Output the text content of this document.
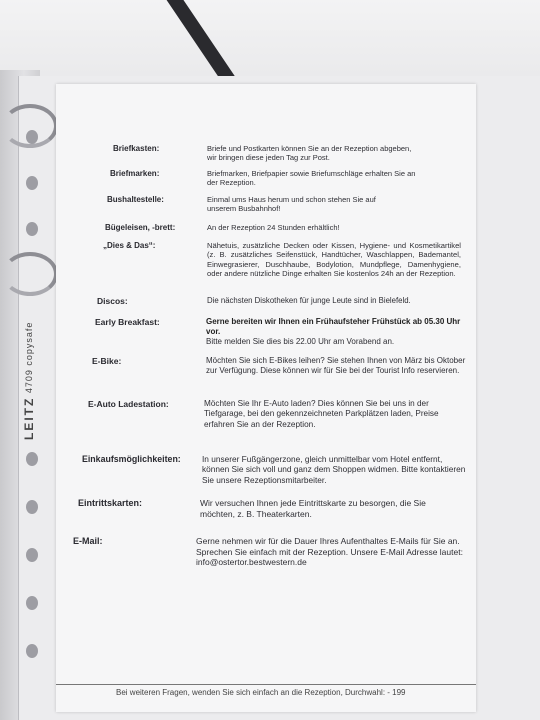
LEITZ 4709 copysafe
Briefkasten:	Briefe und Postkarten können Sie an der Rezeption abgeben, wir bringen diese jeden Tag zur Post.
Briefmarken:	Briefmarken, Briefpapier sowie Briefumschläge erhalten Sie an der Rezeption.
Bushaltestelle:	Einmal ums Haus herum und schon stehen Sie auf unserem Busbahnhof!
Bügeleisen, -brett:	An der Rezeption 24 Stunden erhältlich!
„Dies & Das“:	Nähetuis, zusätzliche Decken oder Kissen, Hygiene- und Kosmetikartikel (z. B. zusätzliches Seifenstück, Handtücher, Waschlappen, Bademantel, Einwegrasierer, Duschhaube, Bodylotion, Mundpflege, Damenhygiene, oder andere nützliche Dinge erhalten Sie kostenlos 24h an der Rezeption.
Discos:	Die nächsten Diskotheken für junge Leute sind in Bielefeld.
Early Breakfast:	Gerne bereiten wir Ihnen ein Frühaufsteher Frühstück ab 05.30 Uhr vor.
Bitte melden Sie dies bis 22.00 Uhr am Vorabend an.
E-Bike:	Möchten Sie sich E-Bikes leihen? Sie stehen Ihnen von März bis Oktober zur Verfügung. Diese können wir für Sie bei der Tourist Info reservieren.
E-Auto Ladestation:	Möchten Sie Ihr E-Auto laden? Dies können Sie bei uns in der Tiefgarage, bei den gekennzeichneten Parkplätzen laden, Preise erfahren Sie an der Rezeption.
Einkaufsmöglichkeiten:	In unserer Fußgängerzone, gleich unmittelbar vom Hotel entfernt, können Sie sich voll und ganz dem Shoppen widmen. Bitte kontaktieren Sie unsere Rezeptionsmitarbeiter.
Eintrittskarten:	Wir versuchen Ihnen jede Eintrittskarte zu besorgen, die Sie möchten, z. B. Theaterkarten.
E-Mail:	Gerne nehmen wir für die Dauer Ihres Aufenthaltes E-Mails für Sie an. Sprechen Sie einfach mit der Rezeption. Unsere E-Mail Adresse lautet: info@ostertor.bestwestern.de
Bei weiteren Fragen, wenden Sie sich einfach an die Rezeption, Durchwahl: - 199
